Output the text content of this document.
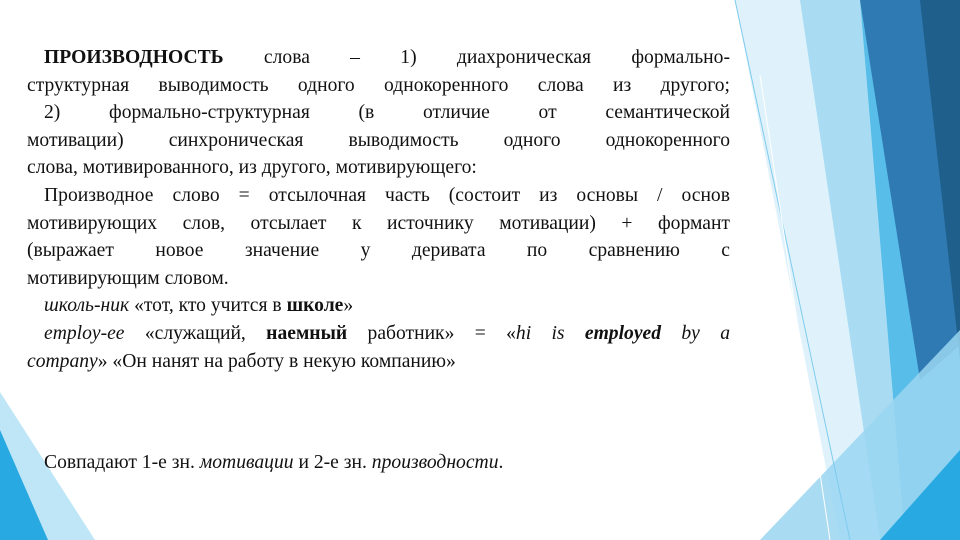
ПРОИЗВОДНОСТЬ слова – 1) диахроническая формально-

структурная выводимость одного однокоренного слова из другого;

2) формально-структурная (в отличие от семантической

мотивации) синхроническая выводимость одного однокоренного

слова, мотивированного, из другого, мотивирующего:

Производное слово = отсылочная часть (состоит из основы / основ

мотивирующих слов, отсылает к источнику мотивации) + формант

(выражает новое значение у деривата по сравнению с

мотивирующим словом.

школь-ник «тот, кто учится в школе»

employ-ee «служащий, наемный работник» = «hi is employed by a

company» «Он нанят на работу в некую компанию»

Совпадают 1-е зн. мотивации и 2-е зн. производности.
